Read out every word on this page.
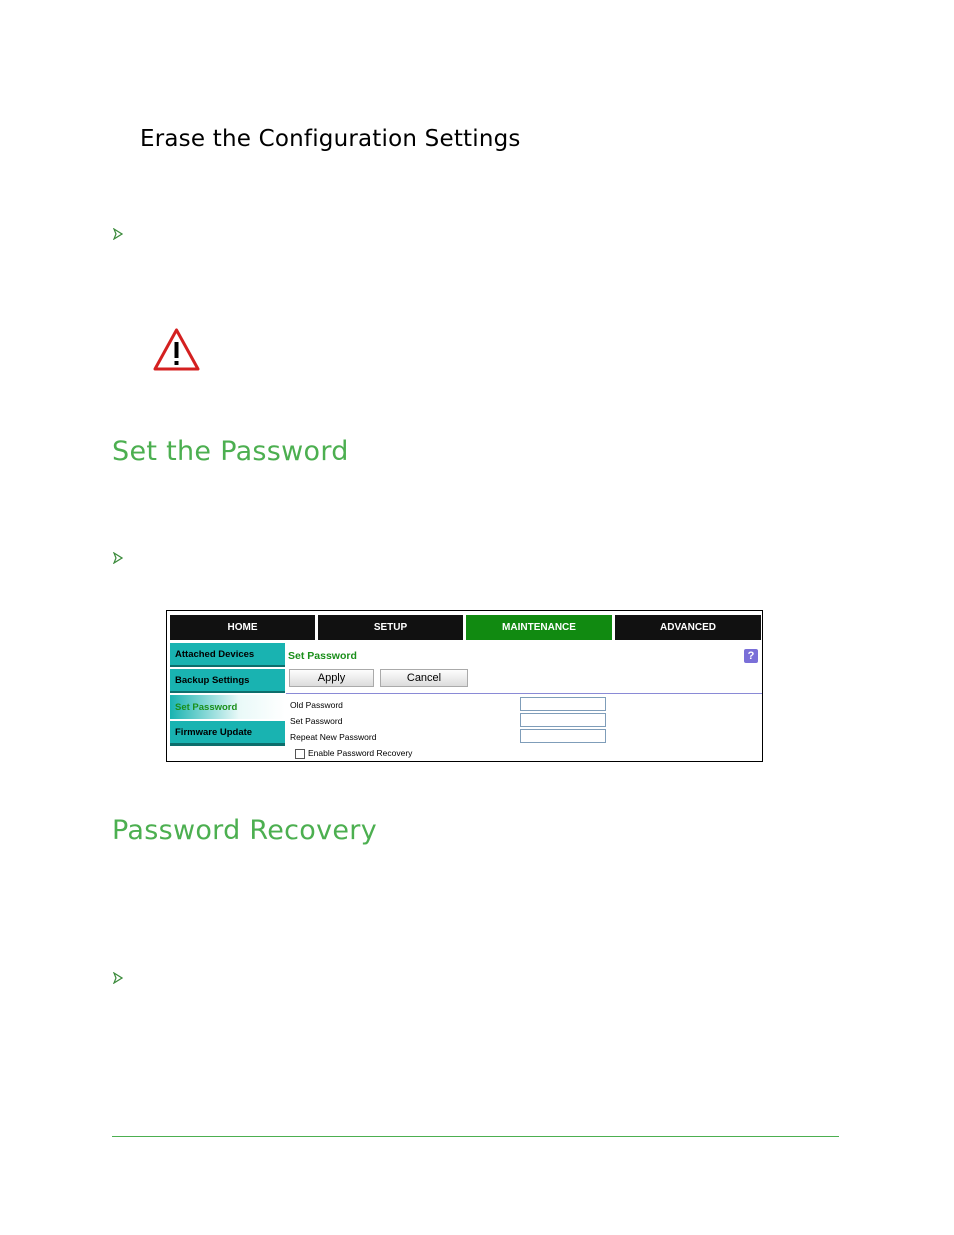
Erase the Configuration Settings
Set the Password
HOME	SETUP	MAINTENANCE	ADVANCED
Attached Devices
Backup Settings
Set Password
Firmware Update
Set Password	?
Apply	Cancel
Old Password
Set Password
Repeat New Password
Enable Password Recovery
Password Recovery
